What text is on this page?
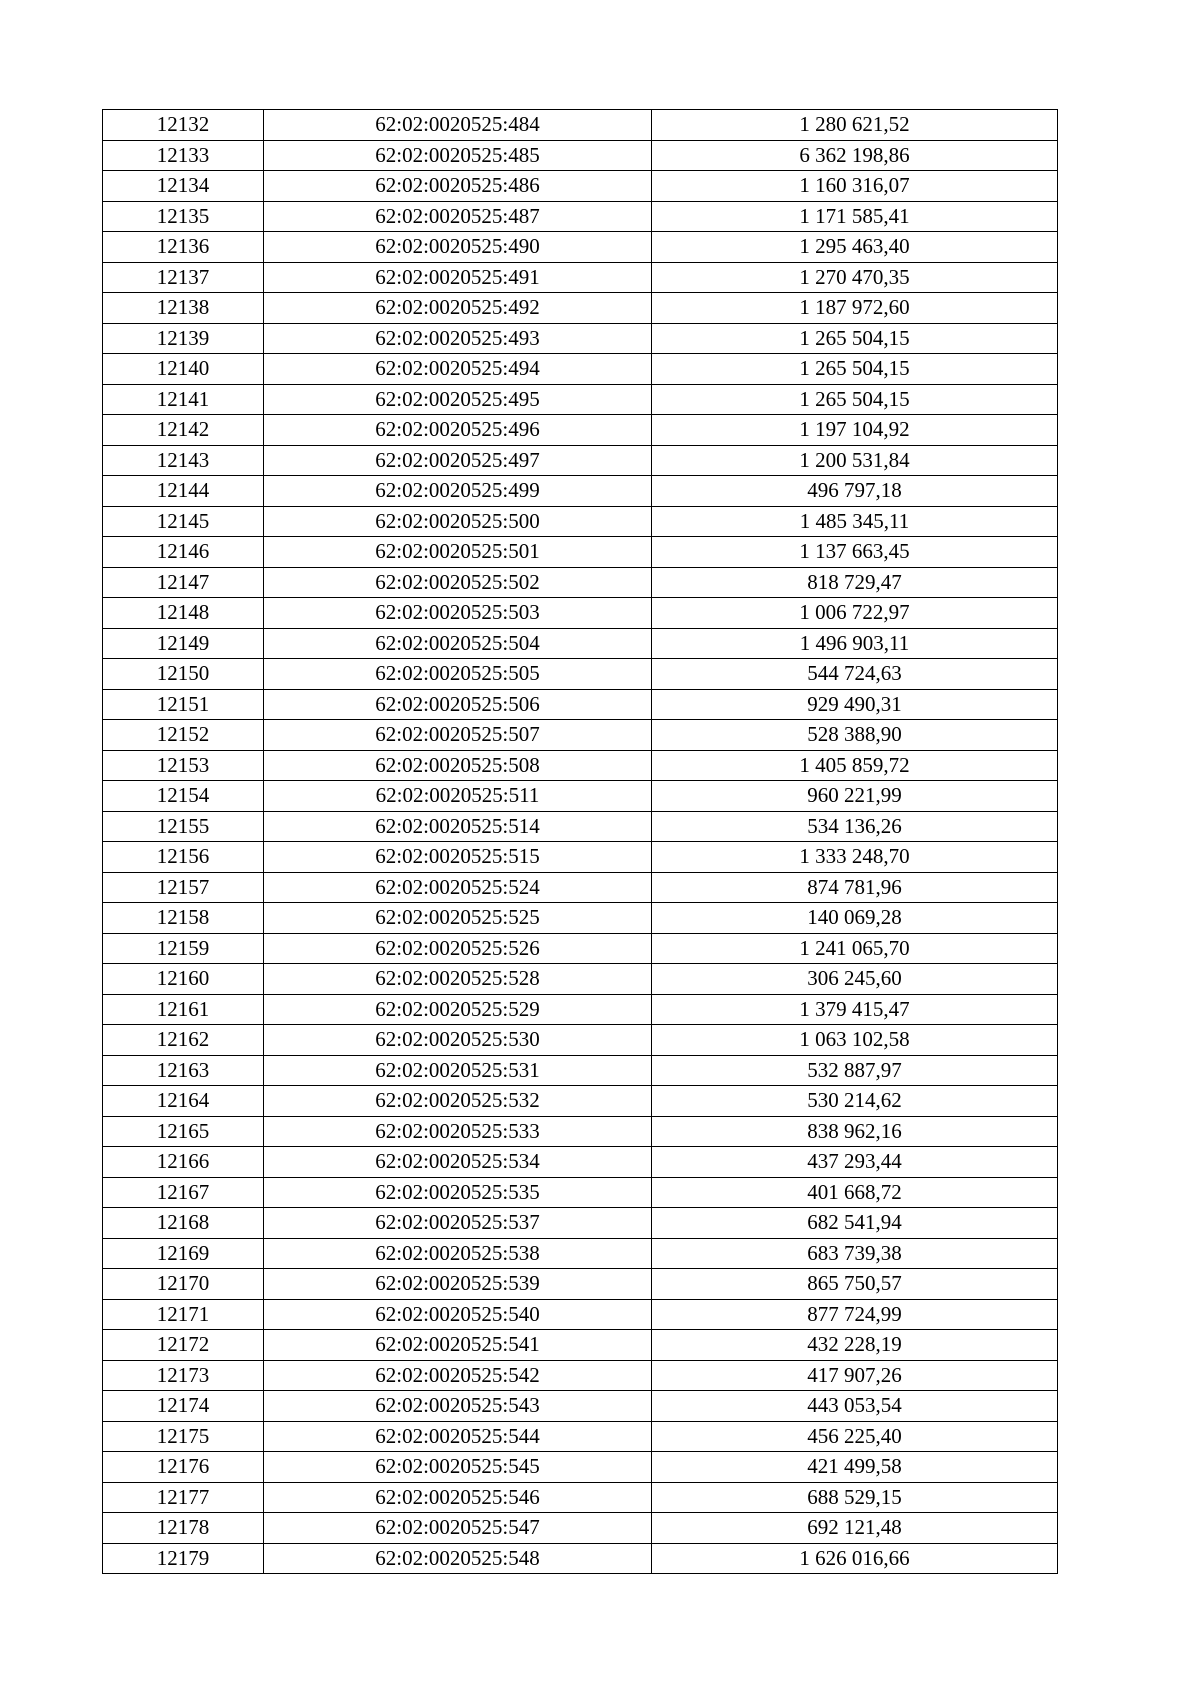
12132	62:02:0020525:484	1 280 621,52
12133	62:02:0020525:485	6 362 198,86
12134	62:02:0020525:486	1 160 316,07
12135	62:02:0020525:487	1 171 585,41
12136	62:02:0020525:490	1 295 463,40
12137	62:02:0020525:491	1 270 470,35
12138	62:02:0020525:492	1 187 972,60
12139	62:02:0020525:493	1 265 504,15
12140	62:02:0020525:494	1 265 504,15
12141	62:02:0020525:495	1 265 504,15
12142	62:02:0020525:496	1 197 104,92
12143	62:02:0020525:497	1 200 531,84
12144	62:02:0020525:499	496 797,18
12145	62:02:0020525:500	1 485 345,11
12146	62:02:0020525:501	1 137 663,45
12147	62:02:0020525:502	818 729,47
12148	62:02:0020525:503	1 006 722,97
12149	62:02:0020525:504	1 496 903,11
12150	62:02:0020525:505	544 724,63
12151	62:02:0020525:506	929 490,31
12152	62:02:0020525:507	528 388,90
12153	62:02:0020525:508	1 405 859,72
12154	62:02:0020525:511	960 221,99
12155	62:02:0020525:514	534 136,26
12156	62:02:0020525:515	1 333 248,70
12157	62:02:0020525:524	874 781,96
12158	62:02:0020525:525	140 069,28
12159	62:02:0020525:526	1 241 065,70
12160	62:02:0020525:528	306 245,60
12161	62:02:0020525:529	1 379 415,47
12162	62:02:0020525:530	1 063 102,58
12163	62:02:0020525:531	532 887,97
12164	62:02:0020525:532	530 214,62
12165	62:02:0020525:533	838 962,16
12166	62:02:0020525:534	437 293,44
12167	62:02:0020525:535	401 668,72
12168	62:02:0020525:537	682 541,94
12169	62:02:0020525:538	683 739,38
12170	62:02:0020525:539	865 750,57
12171	62:02:0020525:540	877 724,99
12172	62:02:0020525:541	432 228,19
12173	62:02:0020525:542	417 907,26
12174	62:02:0020525:543	443 053,54
12175	62:02:0020525:544	456 225,40
12176	62:02:0020525:545	421 499,58
12177	62:02:0020525:546	688 529,15
12178	62:02:0020525:547	692 121,48
12179	62:02:0020525:548	1 626 016,66
